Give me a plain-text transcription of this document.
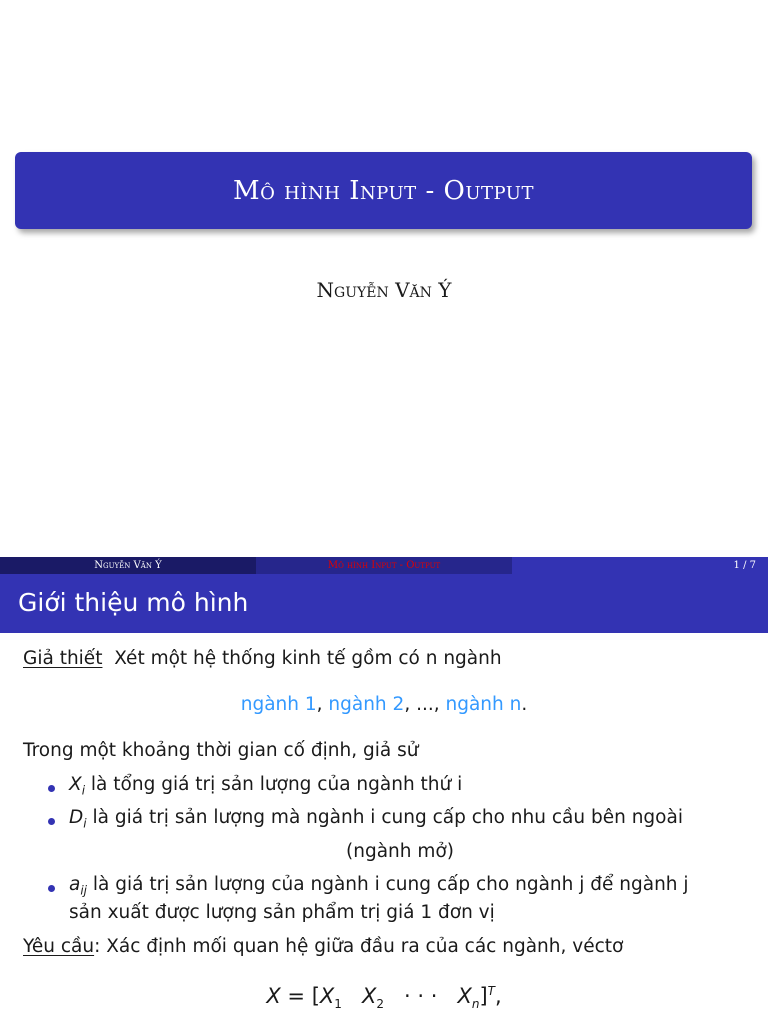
Mô hình Input - Output
Nguyễn Văn Ý
Nguyễn Văn Ý	Mô hình Input - Output	1 / 7
Giới thiệu mô hình
Giả thiết Xét một hệ thống kinh tế gồm có n ngành
ngành 1, ngành 2, ..., ngành n.
Trong một khoảng thời gian cố định, giả sử
$X_i$ là tổng giá trị sản lượng của ngành thứ i
$D_i$ là giá trị sản lượng mà ngành i cung cấp cho nhu cầu bên ngoài
(ngành mở)
$a_{ij}$ là giá trị sản lượng của ngành i cung cấp cho ngành j để ngành j
sản xuất được lượng sản phẩm trị giá 1 đơn vị
Yêu cầu: Xác định mối quan hệ giữa đầu ra của các ngành, véctơ
$X = [X_1$ $X_2$ · · · $X_n]^T$,
